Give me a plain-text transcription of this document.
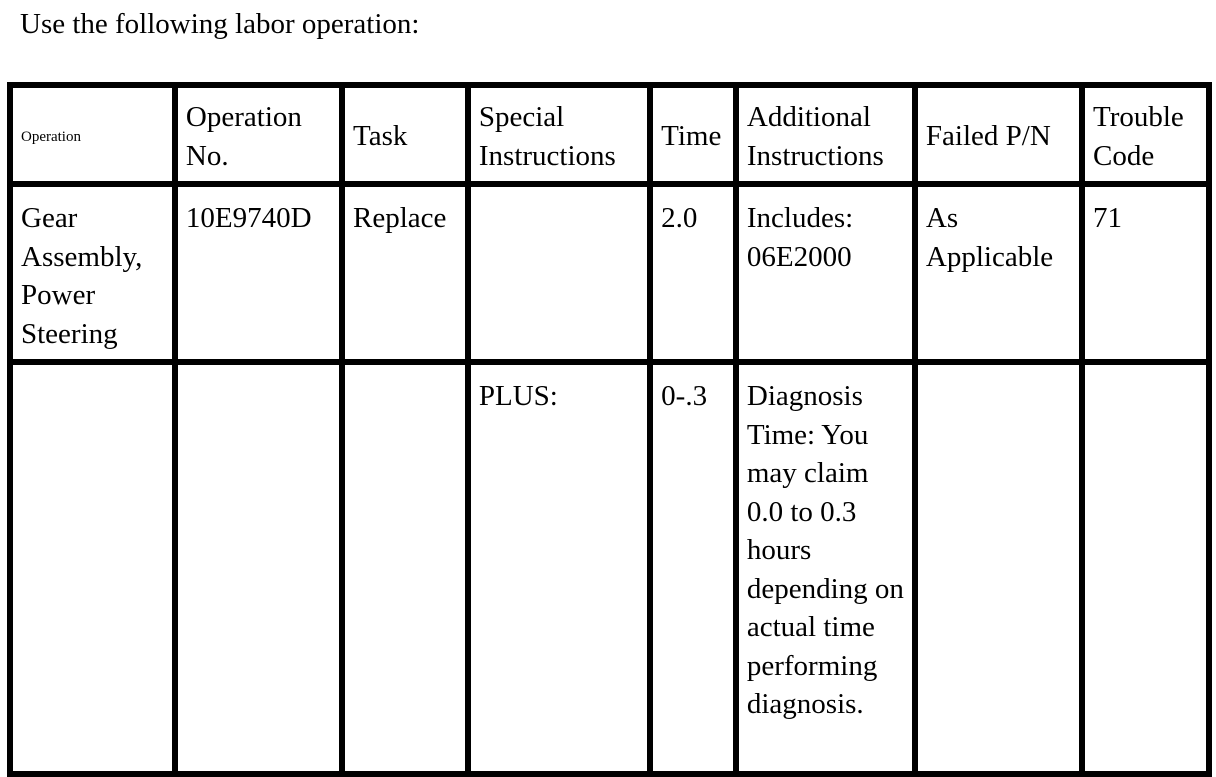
Use the following labor operation:

Operation	Operation No.	Task	Special Instructions	Time	Additional Instructions	Failed P/N	Trouble Code
Gear Assembly, Power Steering	10E9740D	Replace		2.0	Includes: 06E2000	As Applicable	71
			PLUS:	0-.3	Diagnosis Time: You may claim 0.0 to 0.3 hours depending on actual time performing diagnosis.		
